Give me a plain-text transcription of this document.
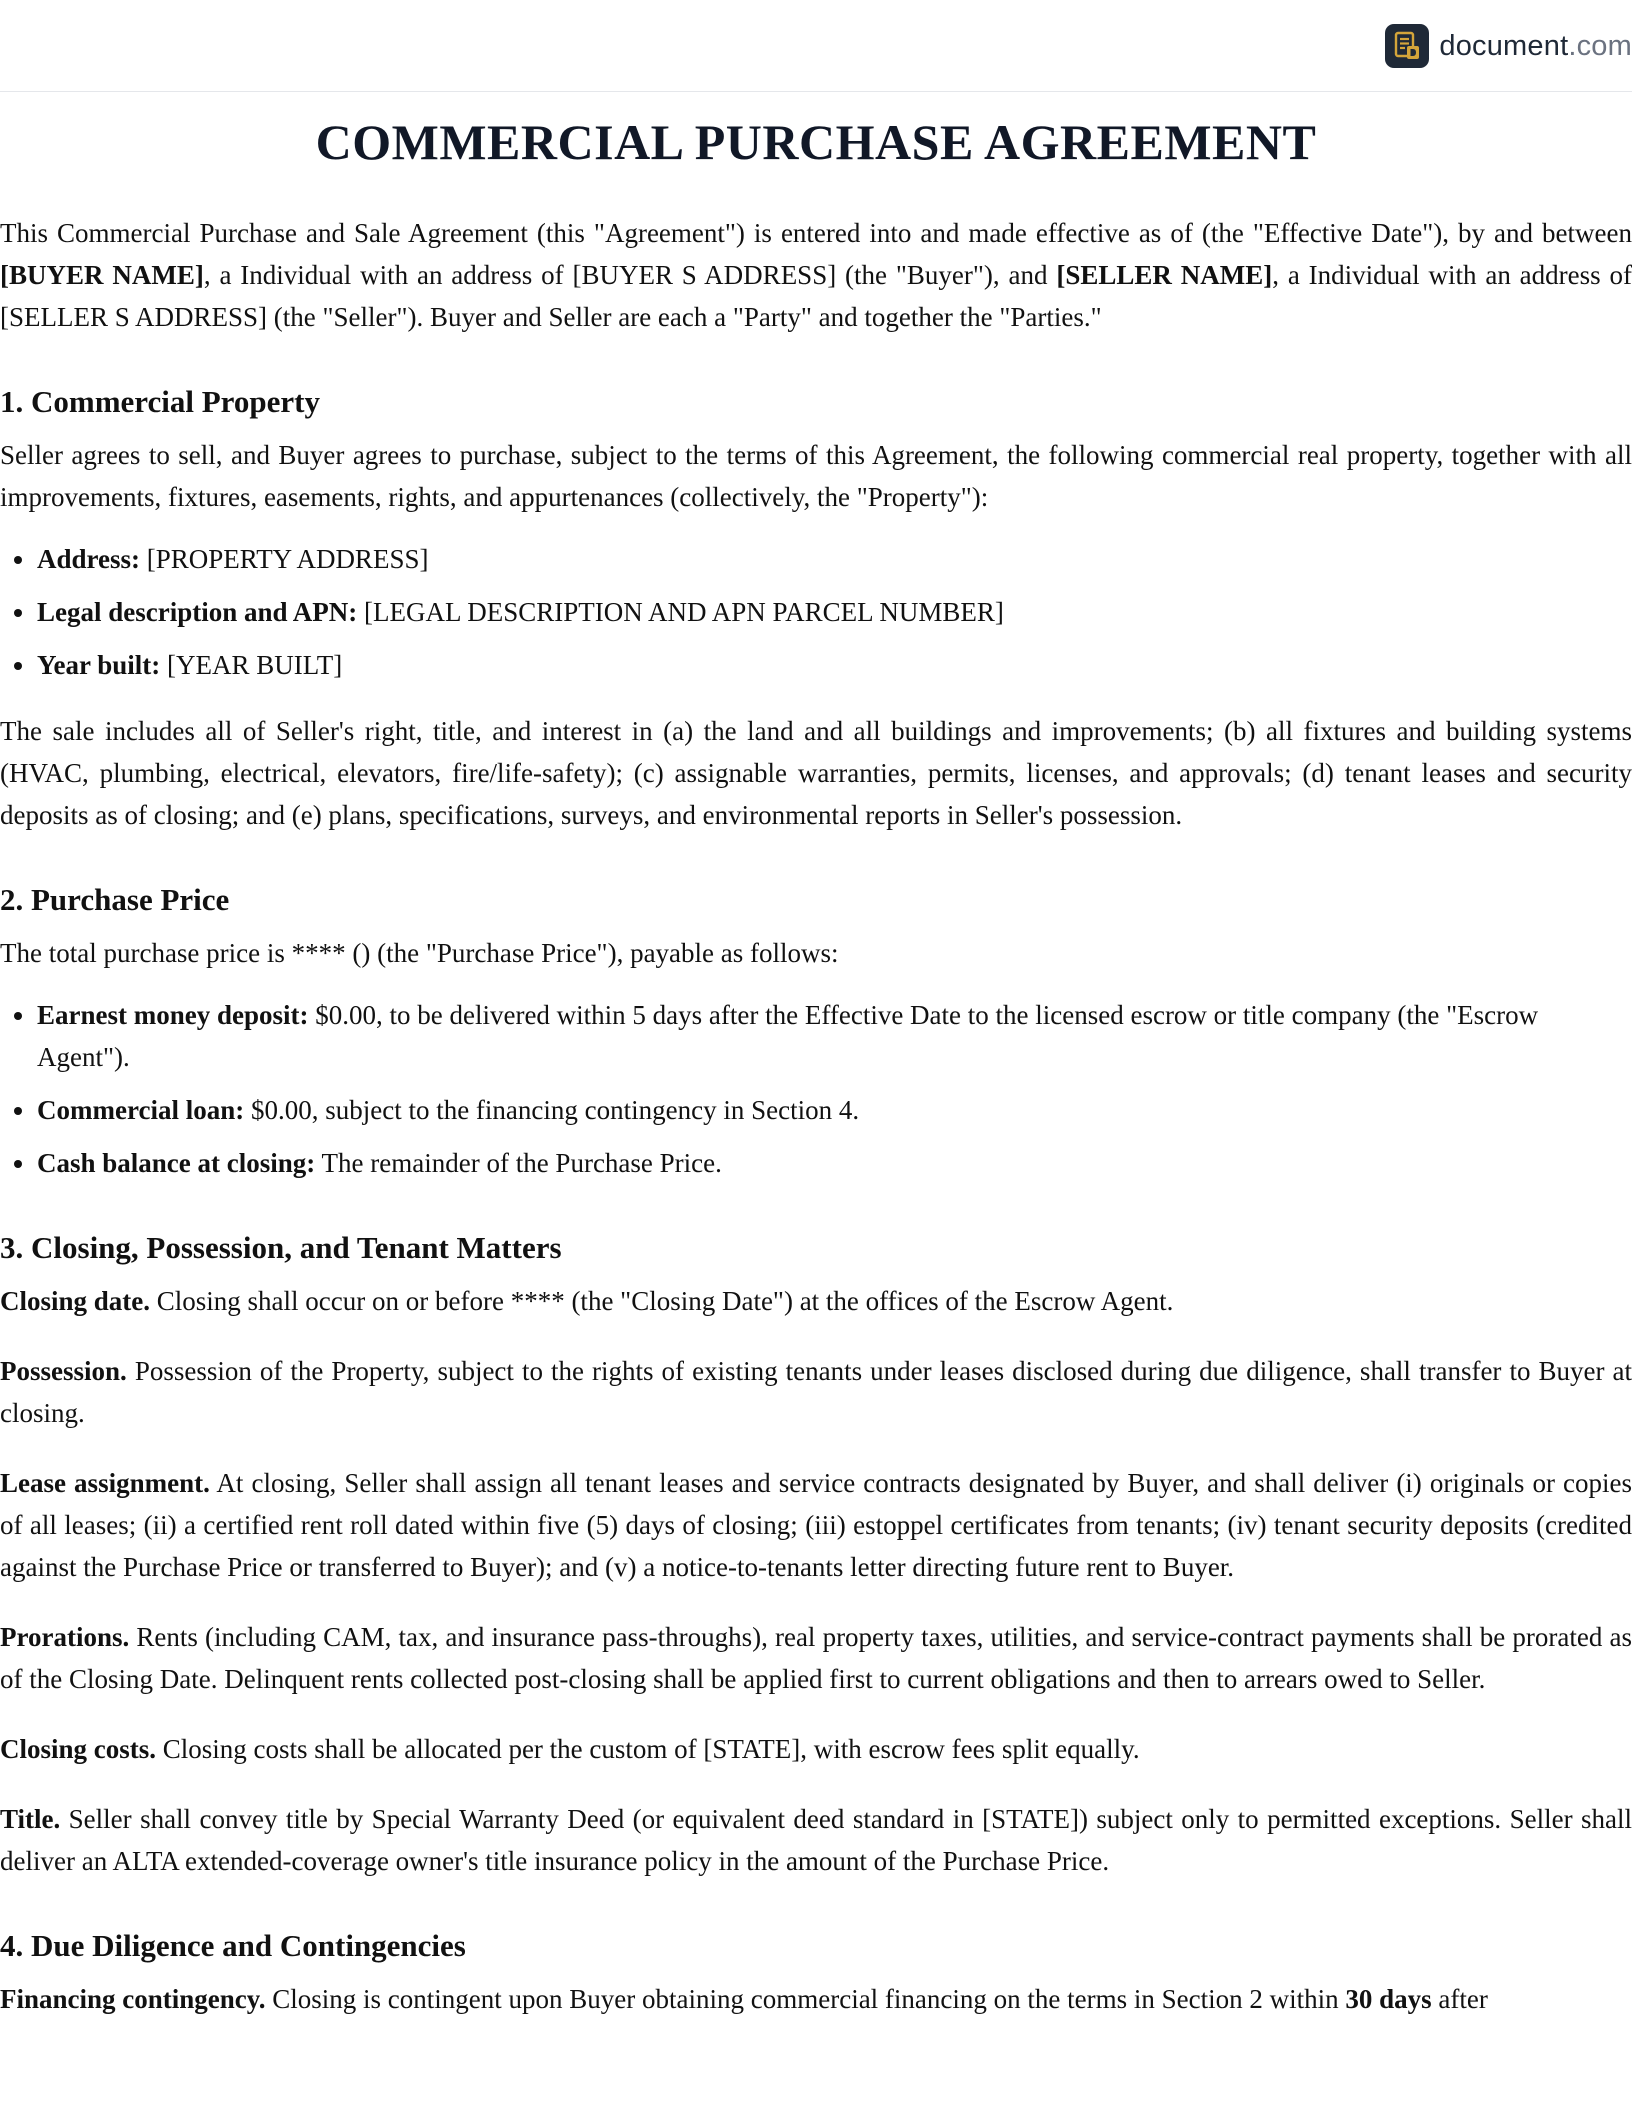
document.com
COMMERCIAL PURCHASE AGREEMENT

This Commercial Purchase and Sale Agreement (this "Agreement") is entered into and made effective as of (the "Effective Date"), by and between [BUYER NAME], a Individual with an address of [BUYER S ADDRESS] (the "Buyer"), and [SELLER NAME], a Individual with an address of [SELLER S ADDRESS] (the "Seller"). Buyer and Seller are each a "Party" and together the "Parties."

1. Commercial Property

Seller agrees to sell, and Buyer agrees to purchase, subject to the terms of this Agreement, the following commercial real property, together with all improvements, fixtures, easements, rights, and appurtenances (collectively, the "Property"):

• Address: [PROPERTY ADDRESS]
• Legal description and APN: [LEGAL DESCRIPTION AND APN PARCEL NUMBER]
• Year built: [YEAR BUILT]

The sale includes all of Seller's right, title, and interest in (a) the land and all buildings and improvements; (b) all fixtures and building systems (HVAC, plumbing, electrical, elevators, fire/life-safety); (c) assignable warranties, permits, licenses, and approvals; (d) tenant leases and security deposits as of closing; and (e) plans, specifications, surveys, and environmental reports in Seller's possession.

2. Purchase Price

The total purchase price is **** () (the "Purchase Price"), payable as follows:

• Earnest money deposit: $0.00, to be delivered within 5 days after the Effective Date to the licensed escrow or title company (the "Escrow Agent").
• Commercial loan: $0.00, subject to the financing contingency in Section 4.
• Cash balance at closing: The remainder of the Purchase Price.
3. Closing, Possession, and Tenant Matters

Closing date. Closing shall occur on or before **** (the "Closing Date") at the offices of the Escrow Agent.

Possession. Possession of the Property, subject to the rights of existing tenants under leases disclosed during due diligence, shall transfer to Buyer at closing.

Lease assignment. At closing, Seller shall assign all tenant leases and service contracts designated by Buyer, and shall deliver (i) originals or copies of all leases; (ii) a certified rent roll dated within five (5) days of closing; (iii) estoppel certificates from tenants; (iv) tenant security deposits (credited against the Purchase Price or transferred to Buyer); and (v) a notice-to-tenants letter directing future rent to Buyer.

Prorations. Rents (including CAM, tax, and insurance pass-throughs), real property taxes, utilities, and service-contract payments shall be prorated as of the Closing Date. Delinquent rents collected post-closing shall be applied first to current obligations and then to arrears owed to Seller.

Closing costs. Closing costs shall be allocated per the custom of [STATE], with escrow fees split equally.

Title. Seller shall convey title by Special Warranty Deed (or equivalent deed standard in [STATE]) subject only to permitted exceptions. Seller shall deliver an ALTA extended-coverage owner's title insurance policy in the amount of the Purchase Price.

4. Due Diligence and Contingencies

Financing contingency. Closing is contingent upon Buyer obtaining commercial financing on the terms in Section 2 within 30 days after
